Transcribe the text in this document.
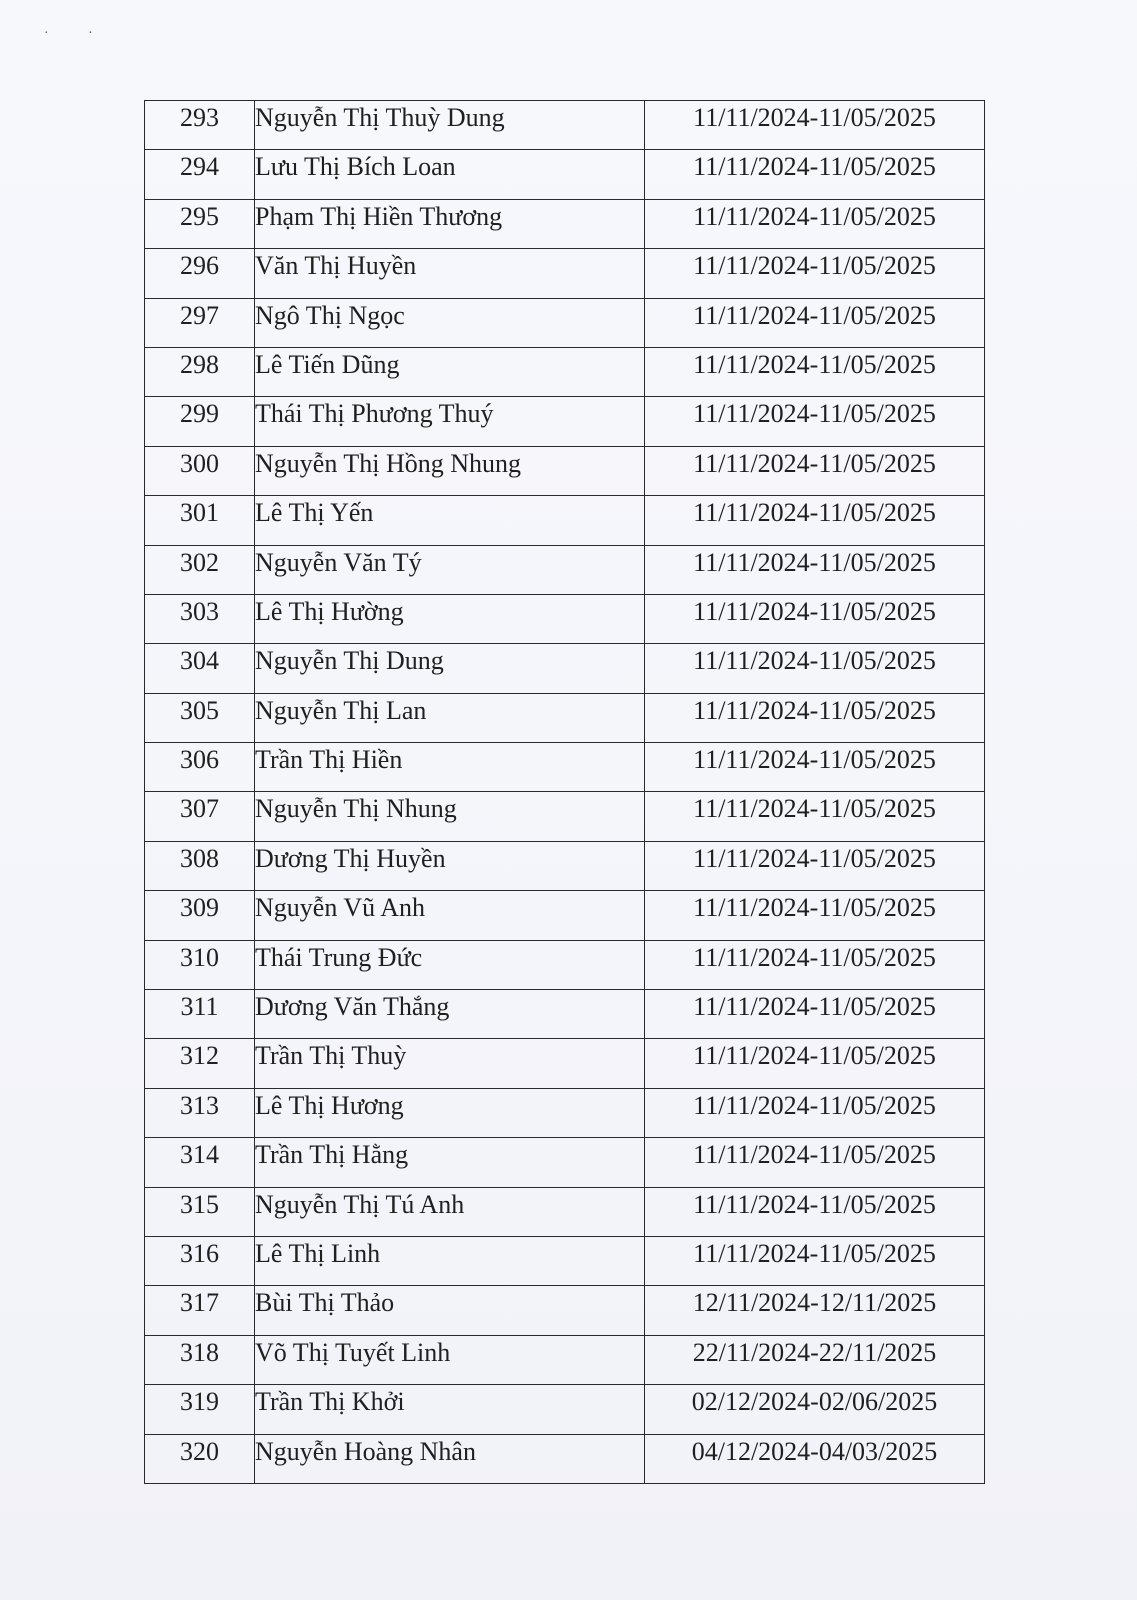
· ·
293	Nguyễn Thị Thuỳ Dung	11/11/2024-11/05/2025
294	Lưu Thị Bích Loan	11/11/2024-11/05/2025
295	Phạm Thị Hiền Thương	11/11/2024-11/05/2025
296	Văn Thị Huyền	11/11/2024-11/05/2025
297	Ngô Thị Ngọc	11/11/2024-11/05/2025
298	Lê Tiến Dũng	11/11/2024-11/05/2025
299	Thái Thị Phương Thuý	11/11/2024-11/05/2025
300	Nguyễn Thị Hồng Nhung	11/11/2024-11/05/2025
301	Lê Thị Yến	11/11/2024-11/05/2025
302	Nguyễn Văn Tý	11/11/2024-11/05/2025
303	Lê Thị Hường	11/11/2024-11/05/2025
304	Nguyễn Thị Dung	11/11/2024-11/05/2025
305	Nguyễn Thị Lan	11/11/2024-11/05/2025
306	Trần Thị Hiền	11/11/2024-11/05/2025
307	Nguyễn Thị Nhung	11/11/2024-11/05/2025
308	Dương Thị Huyền	11/11/2024-11/05/2025
309	Nguyễn Vũ Anh	11/11/2024-11/05/2025
310	Thái Trung Đức	11/11/2024-11/05/2025
311	Dương Văn Thắng	11/11/2024-11/05/2025
312	Trần Thị Thuỳ	11/11/2024-11/05/2025
313	Lê Thị Hương	11/11/2024-11/05/2025
314	Trần Thị Hằng	11/11/2024-11/05/2025
315	Nguyễn Thị Tú Anh	11/11/2024-11/05/2025
316	Lê Thị Linh	11/11/2024-11/05/2025
317	Bùi Thị Thảo	12/11/2024-12/11/2025
318	Võ Thị Tuyết Linh	22/11/2024-22/11/2025
319	Trần Thị Khởi	02/12/2024-02/06/2025
320	Nguyễn Hoàng Nhân	04/12/2024-04/03/2025
